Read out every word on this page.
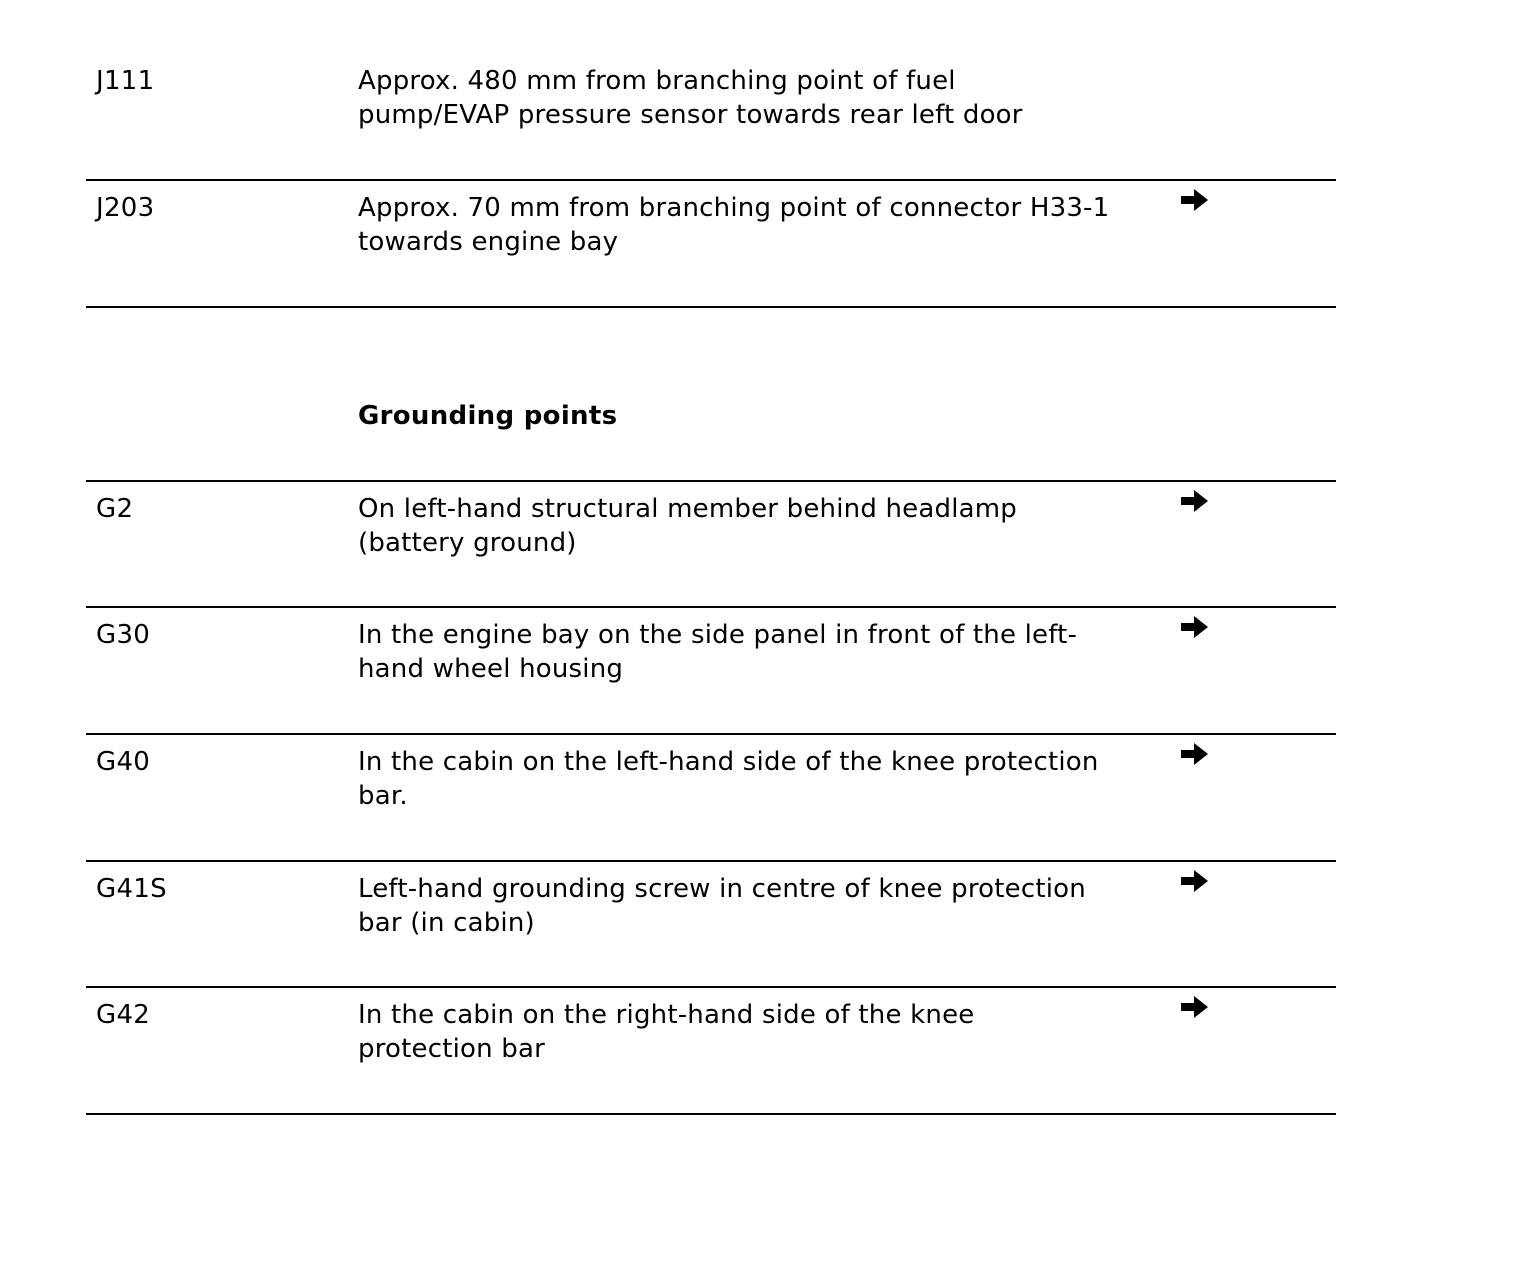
J111	Approx. 480 mm from branching point of fuel
pump/EVAP pressure sensor towards rear left door
J203	Approx. 70 mm from branching point of connector H33-1
towards engine bay
Grounding points
G2	On left-hand structural member behind headlamp
(battery ground)
G30	In the engine bay on the side panel in front of the left-
hand wheel housing
G40	In the cabin on the left-hand side of the knee protection
bar.
G41S	Left-hand grounding screw in centre of knee protection
bar (in cabin)
G42	In the cabin on the right-hand side of the knee
protection bar
